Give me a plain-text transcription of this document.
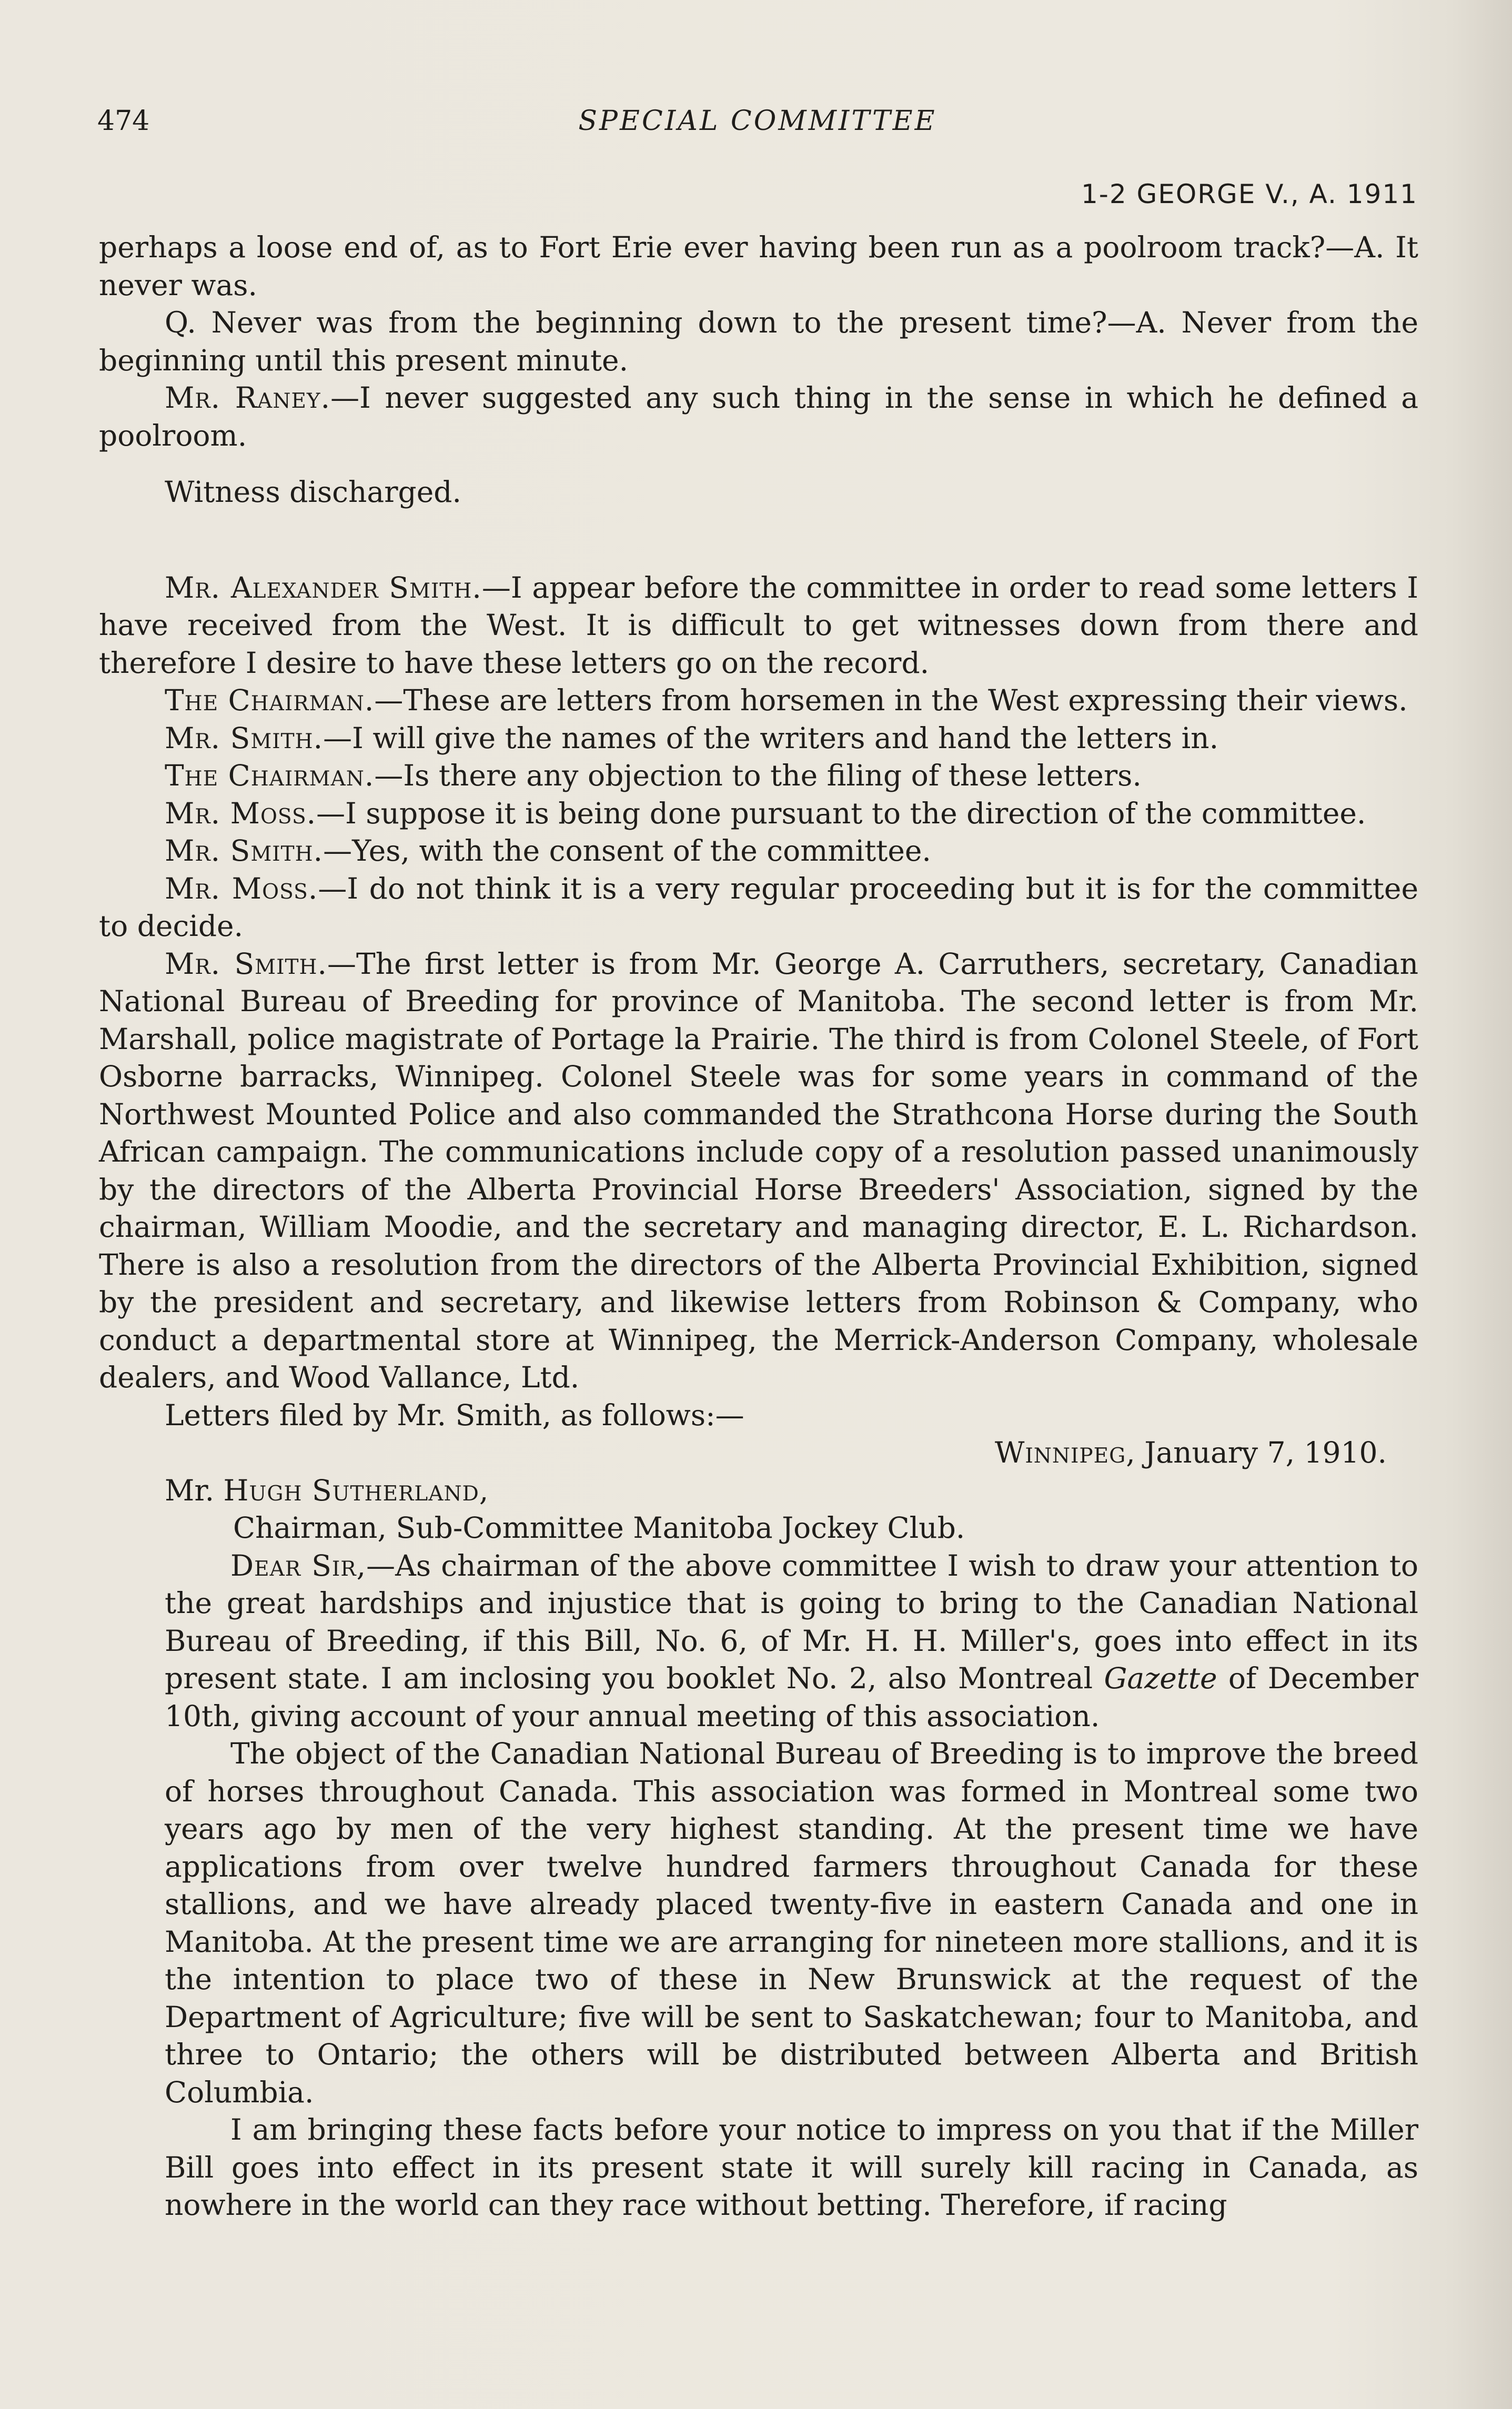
474	SPECIAL COMMITTEE
1-2 GEORGE V., A. 1911

perhaps a loose end of, as to Fort Erie ever having been run as a poolroom track?—A. It never was.

Q. Never was from the beginning down to the present time?—A. Never from the beginning until this present minute.

Mr. Raney.—I never suggested any such thing in the sense in which he defined a poolroom.

Witness discharged.

Mr. Alexander Smith.—I appear before the committee in order to read some letters I have received from the West. It is difficult to get witnesses down from there and therefore I desire to have these letters go on the record.

The Chairman.—These are letters from horsemen in the West expressing their views.

Mr. Smith.—I will give the names of the writers and hand the letters in.

The Chairman.—Is there any objection to the filing of these letters.

Mr. Moss.—I suppose it is being done pursuant to the direction of the committee.

Mr. Smith.—Yes, with the consent of the committee.

Mr. Moss.—I do not think it is a very regular proceeding but it is for the committee to decide.

Mr. Smith.—The first letter is from Mr. George A. Carruthers, secretary, Canadian National Bureau of Breeding for province of Manitoba. The second letter is from Mr. Marshall, police magistrate of Portage la Prairie. The third is from Colonel Steele, of Fort Osborne barracks, Winnipeg. Colonel Steele was for some years in command of the Northwest Mounted Police and also commanded the Strathcona Horse during the South African campaign. The communications include copy of a resolution passed unanimously by the directors of the Alberta Provincial Horse Breeders' Association, signed by the chairman, William Moodie, and the secretary and managing director, E. L. Richardson. There is also a resolution from the directors of the Alberta Provincial Exhibition, signed by the president and secretary, and likewise letters from Robinson & Company, who conduct a departmental store at Winnipeg, the Merrick-Anderson Company, wholesale dealers, and Wood Vallance, Ltd.

Letters filed by Mr. Smith, as follows:—

Winnipeg, January 7, 1910.

Mr. Hugh Sutherland,

Chairman, Sub-Committee Manitoba Jockey Club.

Dear Sir,—As chairman of the above committee I wish to draw your attention to the great hardships and injustice that is going to bring to the Canadian National Bureau of Breeding, if this Bill, No. 6, of Mr. H. H. Miller's, goes into effect in its present state. I am inclosing you booklet No. 2, also Montreal Gazette of December 10th, giving account of your annual meeting of this association.

The object of the Canadian National Bureau of Breeding is to improve the breed of horses throughout Canada. This association was formed in Montreal some two years ago by men of the very highest standing. At the present time we have applications from over twelve hundred farmers throughout Canada for these stallions, and we have already placed twenty-five in eastern Canada and one in Manitoba. At the present time we are arranging for nineteen more stallions, and it is the intention to place two of these in New Brunswick at the request of the Department of Agriculture; five will be sent to Saskatchewan; four to Manitoba, and three to Ontario; the others will be distributed between Alberta and British Columbia.

I am bringing these facts before your notice to impress on you that if the Miller Bill goes into effect in its present state it will surely kill racing in Canada, as nowhere in the world can they race without betting. Therefore, if racing
